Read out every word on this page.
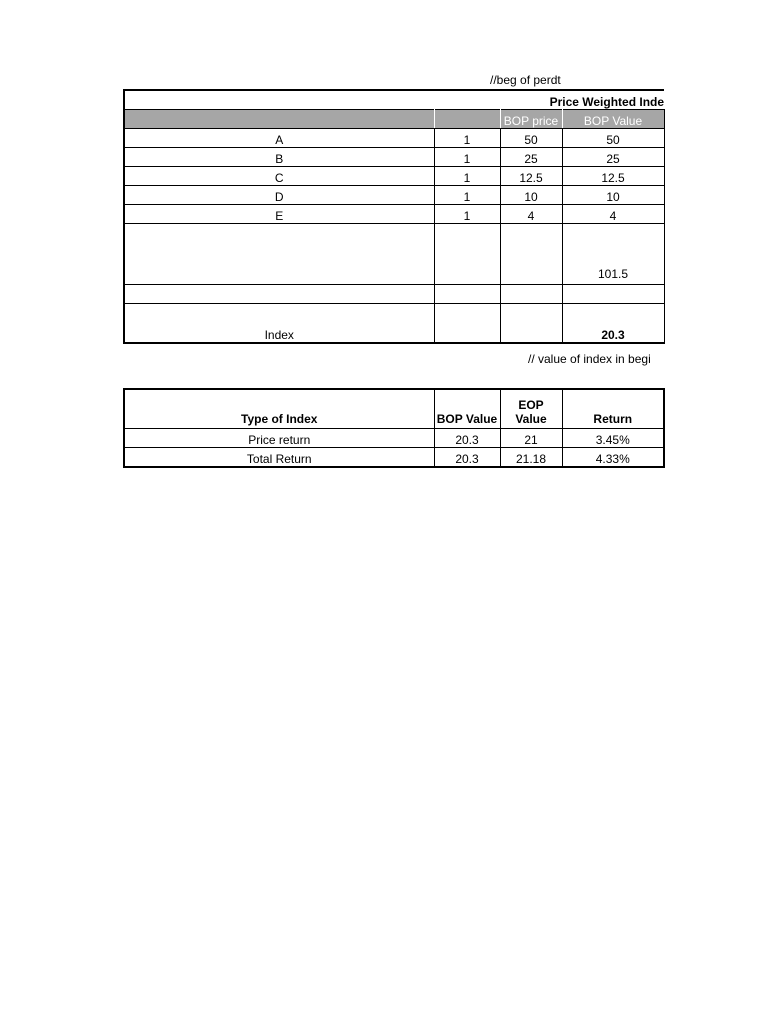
//beg of perdt
Price Weighted Inde			
		BOP price	BOP Value
A	1	50	50
B	1	25	25
C	1	12.5	12.5
D	1	10	10
E	1	4	4
			101.5

Index			20.3
// value of index in begi
Type of Index	BOP Value	EOP Value	Return
Price return	20.3	21	3.45%
Total Return	20.3	21.18	4.33%
